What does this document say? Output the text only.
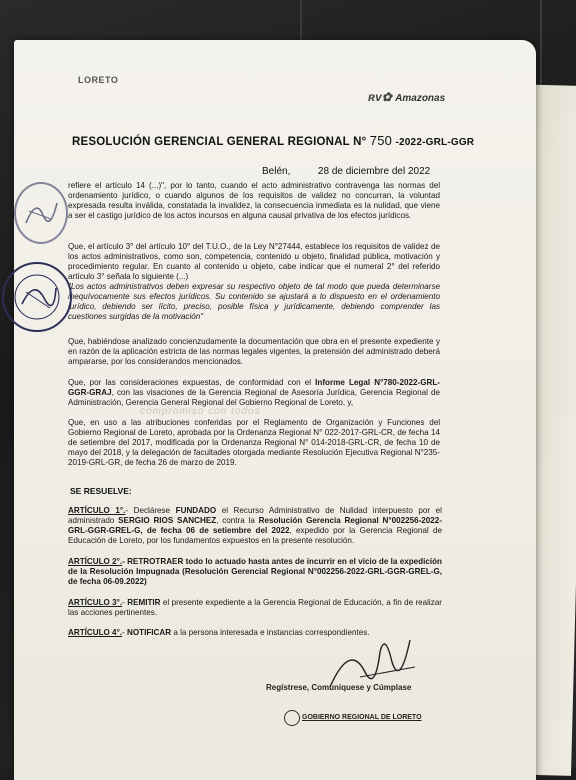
LORETO
ʀᴠ✿ Amazonas
RESOLUCIÓN GERENCIAL GENERAL REGIONAL N° 750 -2022-GRL-GGR
Belén,	28 de diciembre del 2022
refiere el artículo 14 (...)", por lo tanto, cuando el acto administrativo contravenga las normas del ordenamiento jurídico, o cuando algunos de los requisitos de validez no concurran, la voluntad expresada resulta inválida, constatada la invalidez, la consecuencia inmediata es la nulidad, que viene a ser el castigo jurídico de los actos incursos en alguna causal privativa de los efectos jurídicos.
Que, el artículo 3° del artículo 10° del T.U.O., de la Ley N°27444, establece los requisitos de validez de los actos administrativos, como son, competencia, contenido u objeto, finalidad pública, motivación y procedimiento regular. En cuanto al contenido u objeto, cabe indicar que el numeral 2° del referido artículo 3° señala lo siguiente (...)
"Los actos administrativos deben expresar su respectivo objeto de tal modo que pueda determinarse inequívocamente sus efectos jurídicos. Su contenido se ajustará a lo dispuesto en el ordenamiento jurídico, debiendo ser lícito, preciso, posible física y jurídicamente, debiendo comprender las cuestiones surgidas de la motivación"
Que, habiéndose analizado concienzudamente la documentación que obra en el presente expediente y en razón de la aplicación estricta de las normas legales vigentes, la pretensión del administrado deberá ampararse, por los considerandos mencionados.
Que, por las consideraciones expuestas, de conformidad con el Informe Legal N°780-2022-GRL-GGR-GRAJ, con las visaciones de la Gerencia Regional de Asesoría Jurídica, Gerencia Regional de Administración, Gerencia General Regional del Gobierno Regional de Loreto, y,
compromiso con todos
Que, en uso a las atribuciones conferidas por el Reglamento de Organización y Funciones del Gobierno Regional de Loreto, aprobada por la Ordenanza Regional N° 022-2017-GRL-CR, de fecha 14 de setiembre del 2017, modificada por la Ordenanza Regional N° 014-2018-GRL-CR, de fecha 10 de mayo del 2018, y la delegación de facultades otorgada mediante Resolución Ejecutiva Regional N°235-2019-GRL-GR, de fecha 26 de marzo de 2019.
SE RESUELVE:
ARTÍCULO 1°.- Declárese FUNDADO el Recurso Administrativo de Nulidad interpuesto por el administrado SERGIO RIOS SANCHEZ, contra la Resolución Gerencia Regional N°002256-2022-GRL-GGR-GREL-G, de fecha 06 de setiembre del 2022, expedido por la Gerencia Regional de Educación de Loreto, por los fundamentos expuestos en la presente resolución.
ARTÍCULO 2°.- RETROTRAER todo lo actuado hasta antes de incurrir en el vicio de la expedición de la Resolución Impugnada (Resolución Gerencial Regional N°002256-2022-GRL-GGR-GREL-G, de fecha 06-09.2022)
ARTÍCULO 3°.- REMITIR el presente expediente a la Gerencia Regional de Educación, a fin de realizar las acciones pertinentes.
ARTÍCULO 4°.- NOTIFICAR a la persona interesada e instancias correspondientes.
Regístrese, Comuníquese y Cúmplase
GOBIERNO REGIONAL DE LORETO
